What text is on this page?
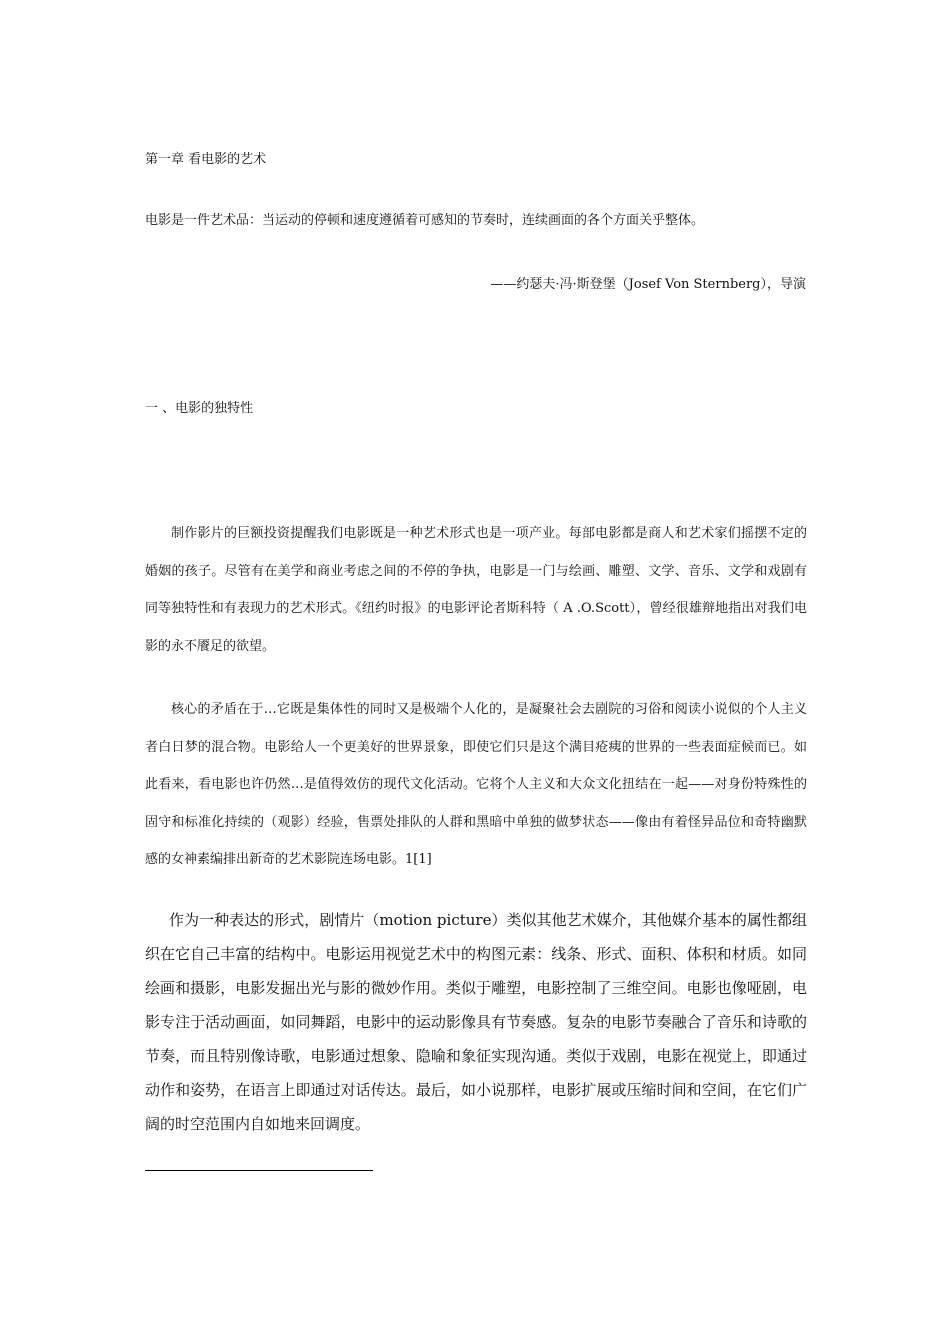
第一章 看电影的艺术

电影是一件艺术品：当运动的停顿和速度遵循着可感知的节奏时，连续画面的各个方面关乎整体。

——约瑟夫·冯·斯登堡（Josef Von Sternberg），导演

一 、电影的独特性

制作影片的巨额投资提醒我们电影既是一种艺术形式也是一项产业。每部电影都是商人和艺术家们摇摆不定的婚姻的孩子。尽管有在美学和商业考虑之间的不停的争执，电影是一门与绘画、雕塑、文学、音乐、文学和戏剧有同等独特性和有表现力的艺术形式。《纽约时报》的电影评论者斯科特（ A .O.Scott），曾经很雄辩地指出对我们电影的永不餍足的欲望。

核心的矛盾在于…它既是集体性的同时又是极端个人化的，是凝聚社会去剧院的习俗和阅读小说似的个人主义者白日梦的混合物。电影给人一个更美好的世界景象，即使它们只是这个满目疮痍的世界的一些表面症候而已。如此看来，看电影也许仍然…是值得效仿的现代文化活动。它将个人主义和大众文化扭结在一起——对身份特殊性的固守和标准化持续的（观影）经验，售票处排队的人群和黑暗中单独的做梦状态——像由有着怪异品位和奇特幽默感的女神素编排出新奇的艺术影院连场电影。1[1]

作为一种表达的形式，剧情片（motion picture）类似其他艺术媒介，其他媒介基本的属性都组织在它自己丰富的结构中。电影运用视觉艺术中的构图元素：线条、形式、面积、体积和材质。如同绘画和摄影，电影发掘出光与影的微妙作用。类似于雕塑，电影控制了三维空间。电影也像哑剧，电影专注于活动画面，如同舞蹈，电影中的运动影像具有节奏感。复杂的电影节奏融合了音乐和诗歌的节奏，而且特别像诗歌，电影通过想象、隐喻和象征实现沟通。类似于戏剧，电影在视觉上，即通过动作和姿势，在语言上即通过对话传达。最后，如小说那样，电影扩展或压缩时间和空间，在它们广阔的时空范围内自如地来回调度。
